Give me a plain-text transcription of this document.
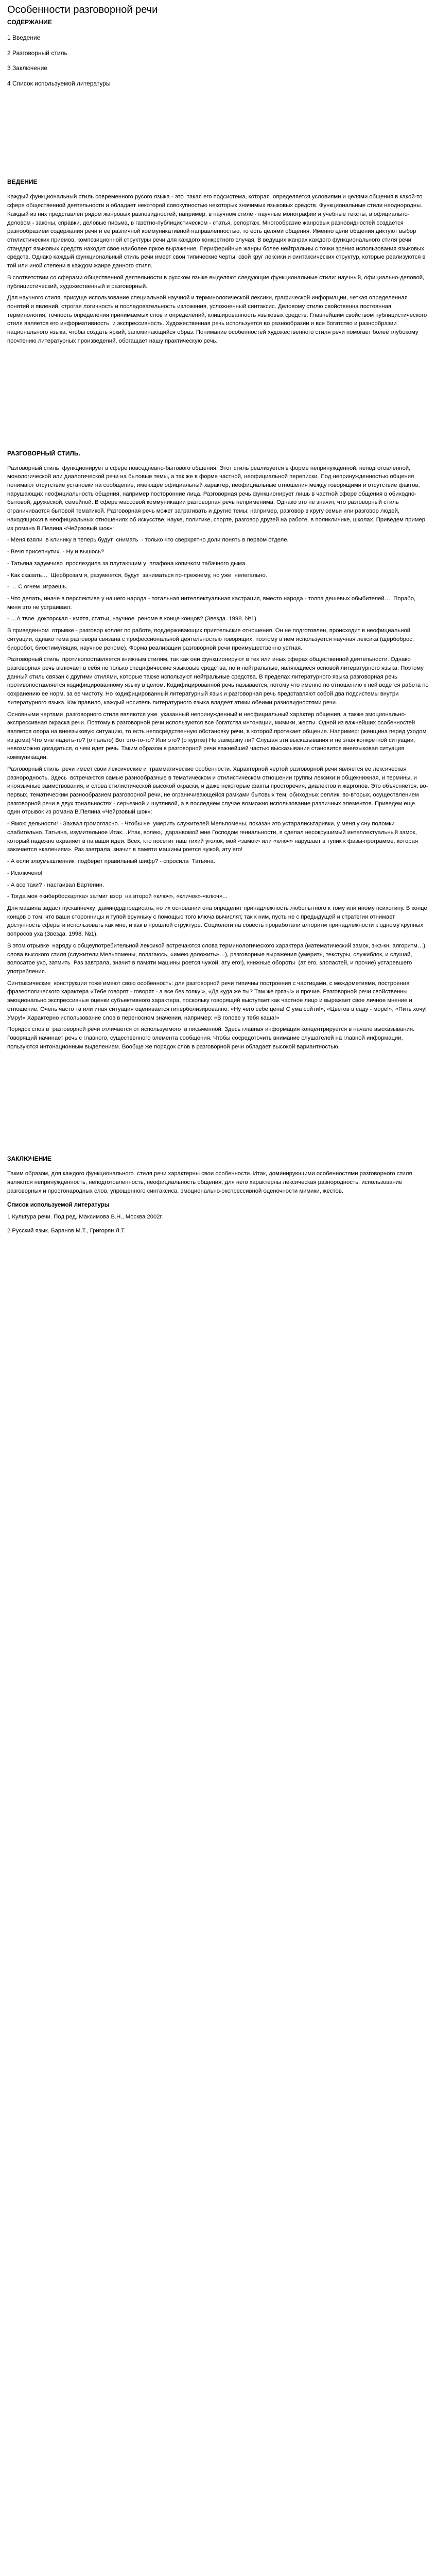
Особенности разговорной речи
СОДЕРЖАНИЕ
1 Введение
2 Разговорный стиль
3 Заключение
4 Список используемой литературы
ВЕДЕНИЕ

Каждый функциональный стиль современного русого языка - это  такая его подсистема, которая  определяется условиями и целями общения в какой-то сфере общественной деятельности и обладает некоторой совокупностью некоторых значимых языковых средств. Функциональные стили неоднородны. Каждый из них представлен рядом жанровых разновидностей, например, в научном стиле - научные монографии и учебные тексты, в официально-деловом - законы, справки, деловые письма, в газетно-публицистическом - статья, репортаж. Многообразие жанровых разновидностей создается разнообразием содержания речи и ее различной коммуникативной направленностью, то есть целями общения. Именно цели общения диктуют выбор стилистических приемов, композиционной структуры речи для каждого конкретного случая. В ведущих жанрах каждого функционального стиля речи стандарт языковых средств находит свое наиболее яркое выражение. Периферийные жанры более нейтральны с точки зрения использования языковых средств. Однако каждый функциональный стиль речи имеет свои типические черты, свой круг лексики и синтаксических структур, которые реализуются в той или иной степени в каждом жанре данного стиля.

В соответствии со сферами общественной деятельности в русском языке выделяют следующие функциональные стили: научный, официально-деловой, публицистический, художественный и разговорный.

Для научного стиля  присуще использование специальной научной и терминологической лексики, графической информации, четкая определенная понятий и явлений, строгая логичность и последовательность изложения, усложненный синтаксис. Деловому стилю свойственна постоянная терминология, точность определения принимаемых слов и определений, клишированность языковых средств. Главнейшим свойством публицистического стиля является его информативность  и экспрессивность. Художественная речь используется во разнообразии и все богатство и разнообразии национального языка, чтобы создать яркий, запоминающийся образ. Понимание особенностей художественного стиля речи помогает более глубокому прочтению литературных произведений, обогащает нашу практическую речь.

РАЗГОВОРНЫЙ СТИЛЬ.

Разговорный стиль  функционирует в сфере повседневно-бытового общения. Этот стиль реализуется в форме непринужденной, неподготовленной, монологической или диалогической речи на бытовые темы, а так же в форме частной, неофициальной переписки. Под непринужденностью общения понимают отсутствие установки на сообщение, имеющее официальный характер, неофициальные отношения между говорящими и отсутствие фактов, нарушающих неофициальность общения, например посторонние лица. Разговорная речь функционирует лишь в частной сфере общения в обиходно-бытовой, дружеской, семейной. В сфере массовой коммуникации разговорная речь неприменима. Однако это не значит, что разговорный стиль ограничивается бытовой тематикой. Разговорная речь может затрагивать и другие темы: например, разговор в кругу семьи или разговор людей, находящихся в неофициальных отношениях об искусстве, науке, политике, спорте, разговор друзей на работе, в поликлинике, школах. Приведем пример из романа В.Пелина «Чейрзовый шок»:

- Меня взяли  в клинику в теперь будут  снимать  - только что сверхрятно доли понять в первом отделе.

- Вечя присепнутих. - Ну и вышось?

- Татьяна задумчиво  прослездила за плутающим у  плафона копичком табачного дыма.

- Как сказать…  Щерброзам я, разумеется, будут  заниматься по-прежнему, но уже  нелегально.

-  …С огнем  играешь.

- Что делать, иначе в перспективе у нашего народа - тотальная интеллектуальная кастрация, вместо народа - толпа дешевых обыбителей…  Порабо, меня это не устраивает.

- …А твое  докторская - кмятя, статьи, научное  реноме в конце концов? (Звезда. 1998. №1).

В приведенном  отрывке - разговор коллег по работе, поддерживающих приятельские отношения. Он не подготовлен, происходит в неофициальной ситуации, однако тема разговора связана с профессиональной деятельностью говорящих, поэтому в нем используется научная лексика (щербоброс, биоробот, биостимуляция, научное реноме). Форма реализации разговорной речи преимущественно устная.

Разговорный стиль  противопоставляется книжным стилям, так как они функционируют в тех или иных сферах общественной деятельности. Однако разговорная речь включает в себя не только специфические языковые средства, но и нейтральные, являющиеся основой литературного языка. Поэтому данный стиль связан с другими стилями, которые также используют нейтральные средства. В пределах литературного языка разговорная речь противопоставляется кодифицированному языку в целом. Кодифицированной речь называется, потому что именно по отношению к ней ведется работа по сохранению ее норм, за ее чистоту. Но кодифицированный литературный язык и разговорная речь представляют собой два подсистемы внутри литературного языка. Как правило, каждый носитель литературного языка владеет этими обеими разновидностями речи.

Основными чертами  разговорного стиля являются уже  указанный непринужденный и неофициальный характер общения, а также эмоционально-экспрессивная окраска речи. Поэтому в разговорной речи используются все богатства интонации, мимики, жесты. Одной из важнейших особенностей является опора на внеязыковую ситуацию, то есть непосредственную обстановку речи, в которой протекает общение. Например: (женщина перед уходом из дома) Что мне надеть-то? (о пальто) Вот это-то-то? Или это? (о куртке) Не замерзну ли? Слушая эти высказывания и не зная конкретной ситуации, невозможно догадаться, о чем идет речь. Таким образом в разговорной речи важнейшей частью высказывания становится внеязыковая ситуация коммуникации.

Разговорный стиль  речи имеет свои лексические и  грамматические особенности. Характерной чертой разговорной речи является ее лексическая разнородность. Здесь  встречаются самые разнообразные в тематическом и стилистическом отношении группы лексики:и общекнижная, и термины, и иноязычные заимствования, и слова стилистической высокой окраски, и даже некоторые факты просторечия, диалектов и жаргонов. Это объясняется, во-первых, тематическим разнообразием разговорной речи, не ограничивающейся рамками бытовых тем, обиходных реплик, во-вторых, осуществлением разговорной речи в двух тональностях - серьезной и шутливой, а в последнем случае возможно использование различных элементов. Приведем еще один отрывок из романа В.Пелина «Чейрзовый шок»:

- Ямою дельности! - Захвал громогласно. - Чтобы не  умерить служителей Мельпомены, показан это устаралисьтаривки, у меня у сну поломки слабительно. Татьяна, изумительное Итак…Итак, волею,  даранвомой мне Господом гениальности, я сделал несокрушимый интеллектуальный замок, который надежно охраняет в на ваши идеи. Всех, кто посетит наш тихий уголок, мой «замок» или «ключ» нарушает в тупик к фазы-программе, которая закачается «калениям». Раз завтрала, значит в памяти машины роется чужой, ату его!

- А если злоумышленник  подберет правильный шифр? - спросила  Татьяна.

- Исключено!

- А все таки? - настаивал Бартенин.

- Тогда моя «кибербоскартка» затмит взор  на второй «ключ», «кличок»-«ключ»...

Для машина задаст пусканнечку  даминдрдпредисать, но их основании она определит принадлежность любопытного к тому или иному психотипу. В конце концов о том, что ваши сторонницы и тупой вруиньку с помощью того ключа вычислят, так к ним, пусть не с предыдущей и стратегии отнимает доступность сферы и использовать как мне, и как в прошлой структуре. Социологи на совесть проработали алгоритм принадлежности к одному крупных вопросов уха (Звезда. 1998. №1).

В этом отрывке  наряду с общеупотребительной лексикой встречаются слова терминологического характера (математический замок, з-кз-кн. алгоритм…), слова высокого стиля (служители Мельпомены, полагаюсь, «имею доложить»…), разговорные выражения (умерить, текстуры, служиблок, и слушай, волосатое ухо, затмить  Раз завтрала, значит в памяти машины роется чужой, ату его!), книжные обороты  (ат его, злопастей, и прочие) устаревшего употребления.

Синтаксические  конструкции тоже имеют свою особенность: для разговорной речи типичны построения с частицами, с междометиями, построения фразеологического характера «Тебе говорят - говорят - а все без толку!», «Да куда же ты? Там же грязь!» и прочие. Разговорной речи свойственны эмоционально экспрессивные оценки субъективного характера, поскольку говорящий выступает как частное лицо и выражает свое личное мнение и отношение. Очень часто та или иная ситуация оценивается гиперболизированно: «Ну чего себе цена! С ума сойти!», «Цветов в саду - море!», «Пить хочу! Умру!» Характерно использование слов в переносном значении, например: «В голове у тебя каша!»

Порядок слов в  разговорной речи отличается от используемого  в письменной. Здесь главная информация концентрируется в начале высказывания. Говорящий начинает речь с главного, существенного элемента сообщения. Чтобы сосредоточить внимание слушателей на главной информации, пользуются интонационным выделением. Вообще же порядок слов в разговорной речи обладает высокой вариантностью.

ЗАКЛЮЧЕНИЕ

Таким образом, для каждого функционального  стиля речи характерны свои особенности. Итак, доминирующими особенностями разговорного стиля являются непринужденность, неподготовленность, неофициальность общения, для него характерны лексическая разнородность, использование разговорных и простонародных слов, упрощенного синтаксиса, эмоционально-экспрессивной оценочности мимики, жестов.

Список используемой литературы
1 Культура речи. Под ред. Максимова В.Н., Москва 2002г.
2 Русский язык. Баранов М.Т., Григорян Л.Т.
